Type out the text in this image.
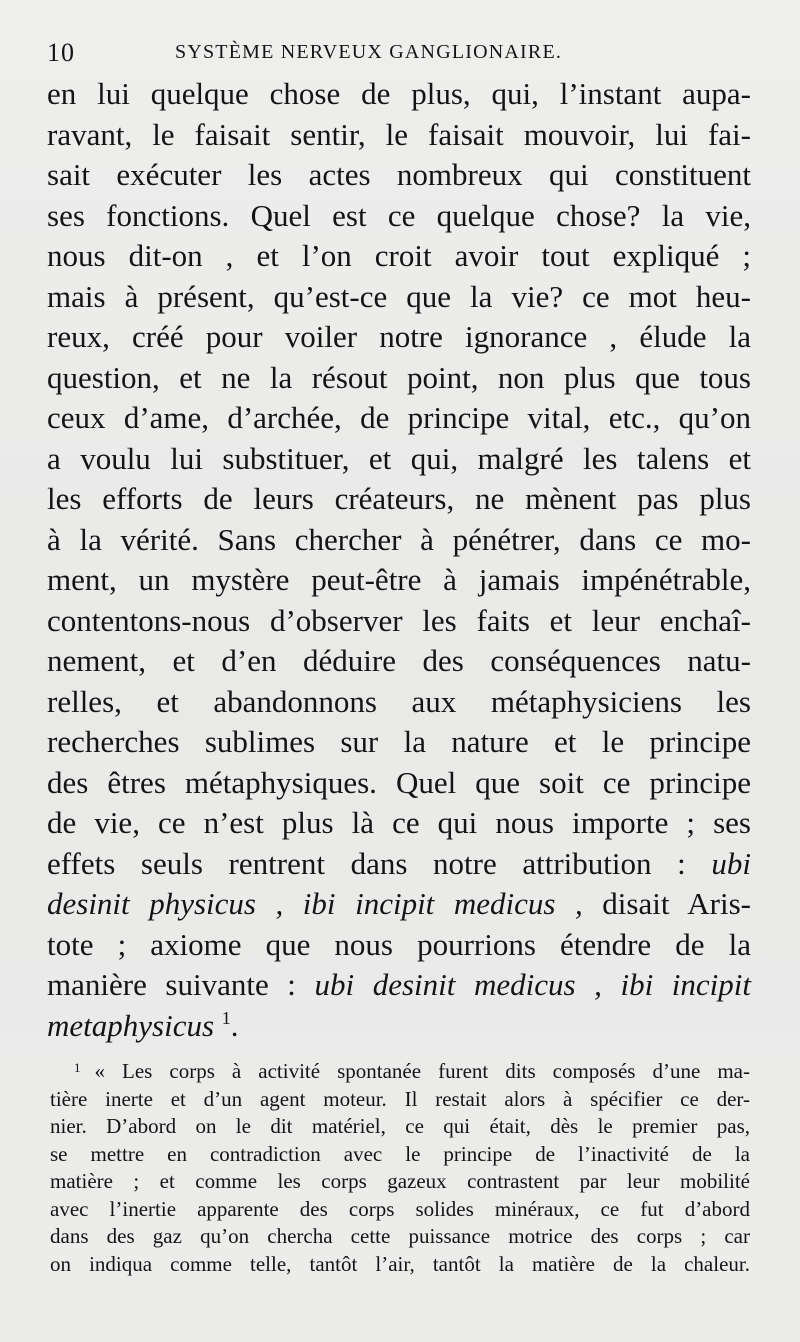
10	SYSTÈME NERVEUX GANGLIONAIRE.
en lui quelque chose de plus, qui, l’instant aupa-
ravant, le faisait sentir, le faisait mouvoir, lui fai-
sait exécuter les actes nombreux qui constituent
ses fonctions. Quel est ce quelque chose? la vie,
nous dit-on , et l’on croit avoir tout expliqué ;
mais à présent, qu’est-ce que la vie? ce mot heu-
reux, créé pour voiler notre ignorance , élude la
question, et ne la résout point, non plus que tous
ceux d’ame, d’archée, de principe vital, etc., qu’on
a voulu lui substituer, et qui, malgré les talens et
les efforts de leurs créateurs, ne mènent pas plus
à la vérité. Sans chercher à pénétrer, dans ce mo-
ment, un mystère peut-être à jamais impénétrable,
contentons-nous d’observer les faits et leur enchaî-
nement, et d’en déduire des conséquences natu-
relles, et abandonnons aux métaphysiciens les
recherches sublimes sur la nature et le principe
des êtres métaphysiques. Quel que soit ce principe
de vie, ce n’est plus là ce qui nous importe ; ses
effets seuls rentrent dans notre attribution : ubi
desinit physicus , ibi incipit medicus , disait Aris-
tote ; axiome que nous pourrions étendre de la
manière suivante : ubi desinit medicus , ibi incipit
metaphysicus $^1$.
$^1$ « Les corps à activité spontanée furent dits composés d’une ma-
tière inerte et d’un agent moteur. Il restait alors à spécifier ce der-
nier. D’abord on le dit matériel, ce qui était, dès le premier pas,
se mettre en contradiction avec le principe de l’inactivité de la
matière ; et comme les corps gazeux contrastent par leur mobilité
avec l’inertie apparente des corps solides minéraux, ce fut d’abord
dans des gaz qu’on chercha cette puissance motrice des corps ; car
on indiqua comme telle, tantôt l’air, tantôt la matière de la chaleur.
